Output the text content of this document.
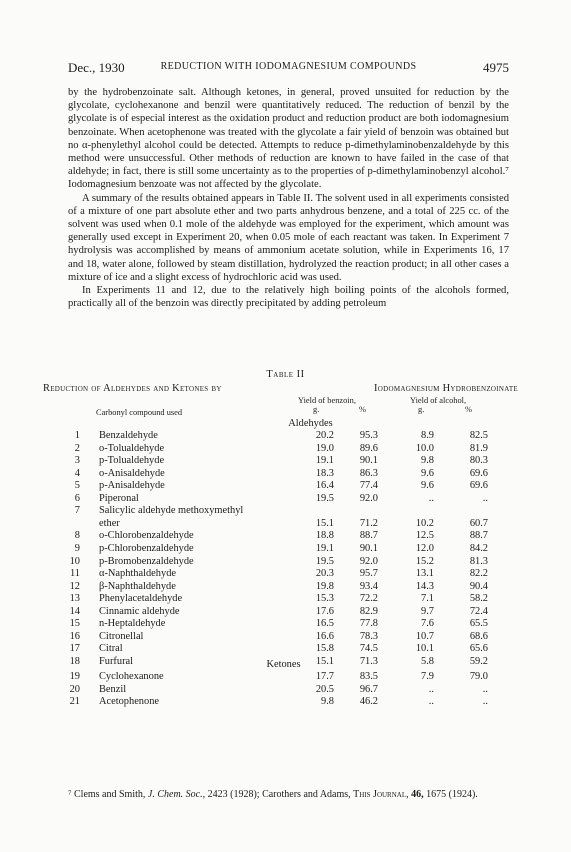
Dec., 1930	REDUCTION WITH IODOMAGNESIUM COMPOUNDS	4975

by the hydrobenzoinate salt. Although ketones, in general, proved unsuited for reduction by the glycolate, cyclohexanone and benzil were quantitatively reduced. The reduction of benzil by the glycolate is of especial interest as the oxidation product and reduction product are both iodomagnesium benzoinate. When acetophenone was treated with the glycolate a fair yield of benzoin was obtained but no α-phenylethyl alcohol could be detected. Attempts to reduce p-dimethylaminobenzaldehyde by this method were unsuccessful. Other methods of reduction are known to have failed in the case of that aldehyde; in fact, there is still some uncertainty as to the properties of p-dimethylaminobenzyl alcohol.⁷ Iodomagnesium benzoate was not affected by the glycolate.

A summary of the results obtained appears in Table II. The solvent used in all experiments consisted of a mixture of one part absolute ether and two parts anhydrous benzene, and a total of 225 cc. of the solvent was used when 0.1 mole of the aldehyde was employed for the experiment, which amount was generally used except in Experiment 20, when 0.05 mole of each reactant was taken. In Experiment 7 hydrolysis was accomplished by means of ammonium acetate solution, while in Experiments 16, 17 and 18, water alone, followed by steam distillation, hydrolyzed the reaction product; in all other cases a mixture of ice and a slight excess of hydrochloric acid was used.

In Experiments 11 and 12, due to the relatively high boiling points of the alcohols formed, practically all of the benzoin was directly precipitated by adding petroleum

Table II
Reduction of Aldehydes and Ketones by	Iodomagnesium Hydrobenzoinate
Carbonyl compound used
Yield of benzoin,	Yield of alcohol,
g.	%	g.	%
Aldehydes
1 Benzaldehyde	20.2	95.3	8.9	82.5
2 o-Tolualdehyde	19.0	89.6	10.0	81.9
3 p-Tolualdehyde	19.1	90.1	9.8	80.3
4 o-Anisaldehyde	18.3	86.3	9.6	69.6
5 p-Anisaldehyde	16.4	77.4	9.6	69.6
6 Piperonal	19.5	92.0	..	..
7 Salicylic aldehyde methoxymethyl
ether	15.1	71.2	10.2	60.7
8 o-Chlorobenzaldehyde	18.8	88.7	12.5	88.7
9 p-Chlorobenzaldehyde	19.1	90.1	12.0	84.2
10 p-Bromobenzaldehyde	19.5	92.0	15.2	81.3
11 α-Naphthaldehyde	20.3	95.7	13.1	82.2
12 β-Naphthaldehyde	19.8	93.4	14.3	90.4
13 Phenylacetaldehyde	15.3	72.2	7.1	58.2
14 Cinnamic aldehyde	17.6	82.9	9.7	72.4
15 n-Heptaldehyde	16.5	77.8	7.6	65.5
16 Citronellal	16.6	78.3	10.7	68.6
17 Citral	15.8	74.5	10.1	65.6
18 Furfural	15.1	71.3	5.8	59.2
Ketones
19 Cyclohexanone	17.7	83.5	7.9	79.0
20 Benzil	20.5	96.7	..	..
21 Acetophenone	9.8	46.2	..	..
⁷ Clems and Smith, J. Chem. Soc., 2423 (1928); Carothers and Adams, This Journal, 46, 1675 (1924).
